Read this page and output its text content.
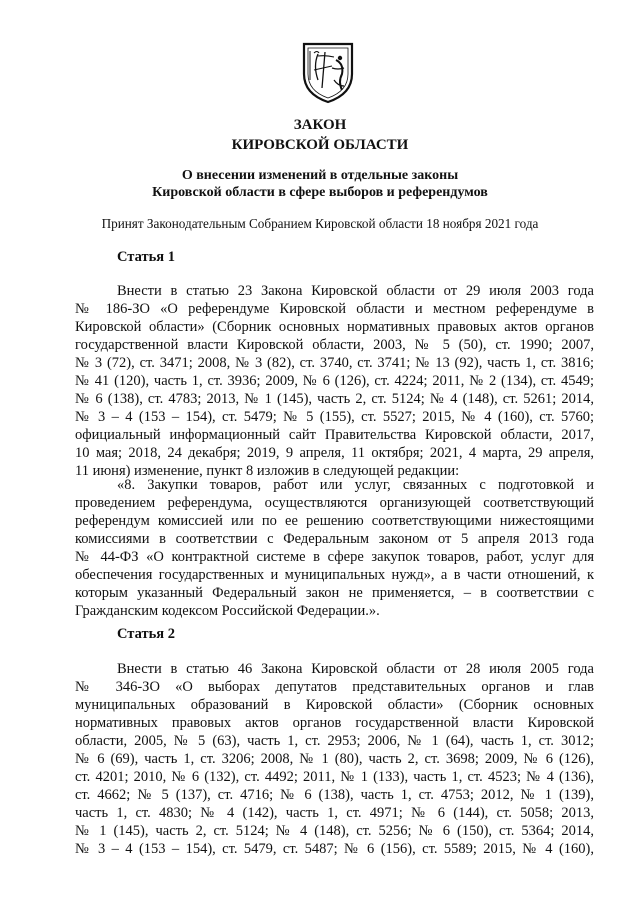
ЗАКОН
КИРОВСКОЙ ОБЛАСТИ
О внесении изменений в отдельные законы
Кировской области в сфере выборов и референдумов
Принят Законодательным Собранием Кировской области 18 ноября 2021 года
Статья 1
Внести в статью 23 Закона Кировской области от 29 июля 2003 года
№ 186-ЗО «О референдуме Кировской области и местном референдуме в
Кировской области» (Сборник основных нормативных правовых актов органов
государственной власти Кировской области, 2003, № 5 (50), ст. 1990; 2007,
№ 3 (72), ст. 3471; 2008, № 3 (82), ст. 3740, ст. 3741; № 13 (92), часть 1, ст. 3816;
№ 41 (120), часть 1, ст. 3936; 2009, № 6 (126), ст. 4224; 2011, № 2 (134), ст. 4549;
№ 6 (138), ст. 4783; 2013, № 1 (145), часть 2, ст. 5124; № 4 (148), ст. 5261; 2014,
№ 3 – 4 (153 – 154), ст. 5479; № 5 (155), ст. 5527; 2015, № 4 (160), ст. 5760;
официальный информационный сайт Правительства Кировской области, 2017,
10 мая; 2018, 24 декабря; 2019, 9 апреля, 11 октября; 2021, 4 марта, 29 апреля,
11 июня) изменение, пункт 8 изложив в следующей редакции:
«8. Закупки товаров, работ или услуг, связанных с подготовкой и
проведением референдума, осуществляются организующей соответствующий
референдум комиссией или по ее решению соответствующими нижестоящими
комиссиями в соответствии с Федеральным законом от 5 апреля 2013 года
№ 44-ФЗ «О контрактной системе в сфере закупок товаров, работ, услуг для
обеспечения государственных и муниципальных нужд», а в части отношений, к
которым указанный Федеральный закон не применяется, – в соответствии с
Гражданским кодексом Российской Федерации.».
Статья 2
Внести в статью 46 Закона Кировской области от 28 июля 2005 года
№ 346-ЗО «О выборах депутатов представительных органов и глав
муниципальных образований в Кировской области» (Сборник основных
нормативных правовых актов органов государственной власти Кировской
области, 2005, № 5 (63), часть 1, ст. 2953; 2006, № 1 (64), часть 1, ст. 3012;
№ 6 (69), часть 1, ст. 3206; 2008, № 1 (80), часть 2, ст. 3698; 2009, № 6 (126),
ст. 4201; 2010, № 6 (132), ст. 4492; 2011, № 1 (133), часть 1, ст. 4523; № 4 (136),
ст. 4662; № 5 (137), ст. 4716; № 6 (138), часть 1, ст. 4753; 2012, № 1 (139),
часть 1, ст. 4830; № 4 (142), часть 1, ст. 4971; № 6 (144), ст. 5058; 2013,
№ 1 (145), часть 2, ст. 5124; № 4 (148), ст. 5256; № 6 (150), ст. 5364; 2014,
№ 3 – 4 (153 – 154), ст. 5479, ст. 5487; № 6 (156), ст. 5589; 2015, № 4 (160),
